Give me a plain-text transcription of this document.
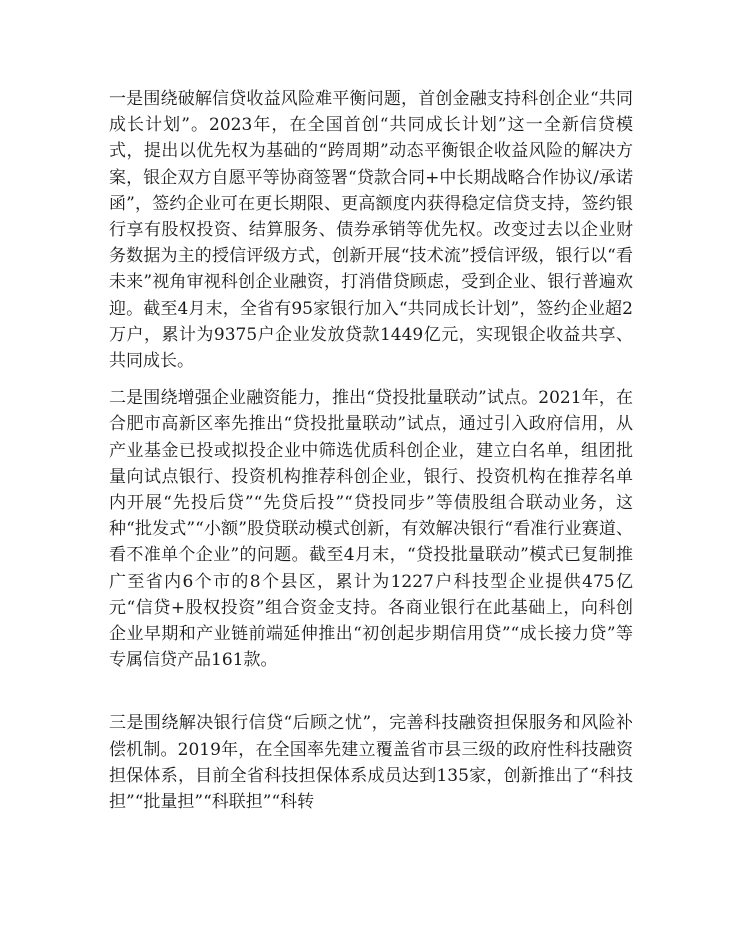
一是围绕破解信贷收益风险难平衡问题，首创金融支持科创企业“共同成长计划”。2023年，在全国首创“共同成长计划”这一全新信贷模式，提出以优先权为基础的“跨周期”动态平衡银企收益风险的解决方案，银企双方自愿平等协商签署“贷款合同+中长期战略合作协议/承诺函”，签约企业可在更长期限、更高额度内获得稳定信贷支持，签约银行享有股权投资、结算服务、债券承销等优先权。改变过去以企业财务数据为主的授信评级方式，创新开展“技术流”授信评级，银行以“看未来”视角审视科创企业融资，打消借贷顾虑，受到企业、银行普遍欢迎。截至4月末，全省有95家银行加入“共同成长计划”，签约企业超2万户，累计为9375户企业发放贷款1449亿元，实现银企收益共享、共同成长。

二是围绕增强企业融资能力，推出“贷投批量联动”试点。2021年，在合肥市高新区率先推出“贷投批量联动”试点，通过引入政府信用，从产业基金已投或拟投企业中筛选优质科创企业，建立白名单，组团批量向试点银行、投资机构推荐科创企业，银行、投资机构在推荐名单内开展“先投后贷”“先贷后投”“贷投同步”等债股组合联动业务，这种“批发式”“小额”股贷联动模式创新，有效解决银行“看准行业赛道、看不准单个企业”的问题。截至4月末，“贷投批量联动”模式已复制推广至省内6个市的8个县区，累计为1227户科技型企业提供475亿元“信贷+股权投资”组合资金支持。各商业银行在此基础上，向科创企业早期和产业链前端延伸推出“初创起步期信用贷”“成长接力贷”等专属信贷产品161款。

三是围绕解决银行信贷“后顾之忧”，完善科技融资担保服务和风险补偿机制。2019年，在全国率先建立覆盖省市县三级的政府性科技融资担保体系，目前全省科技担保体系成员达到135家，创新推出了“科技担”“批量担”“科联担”“科转
